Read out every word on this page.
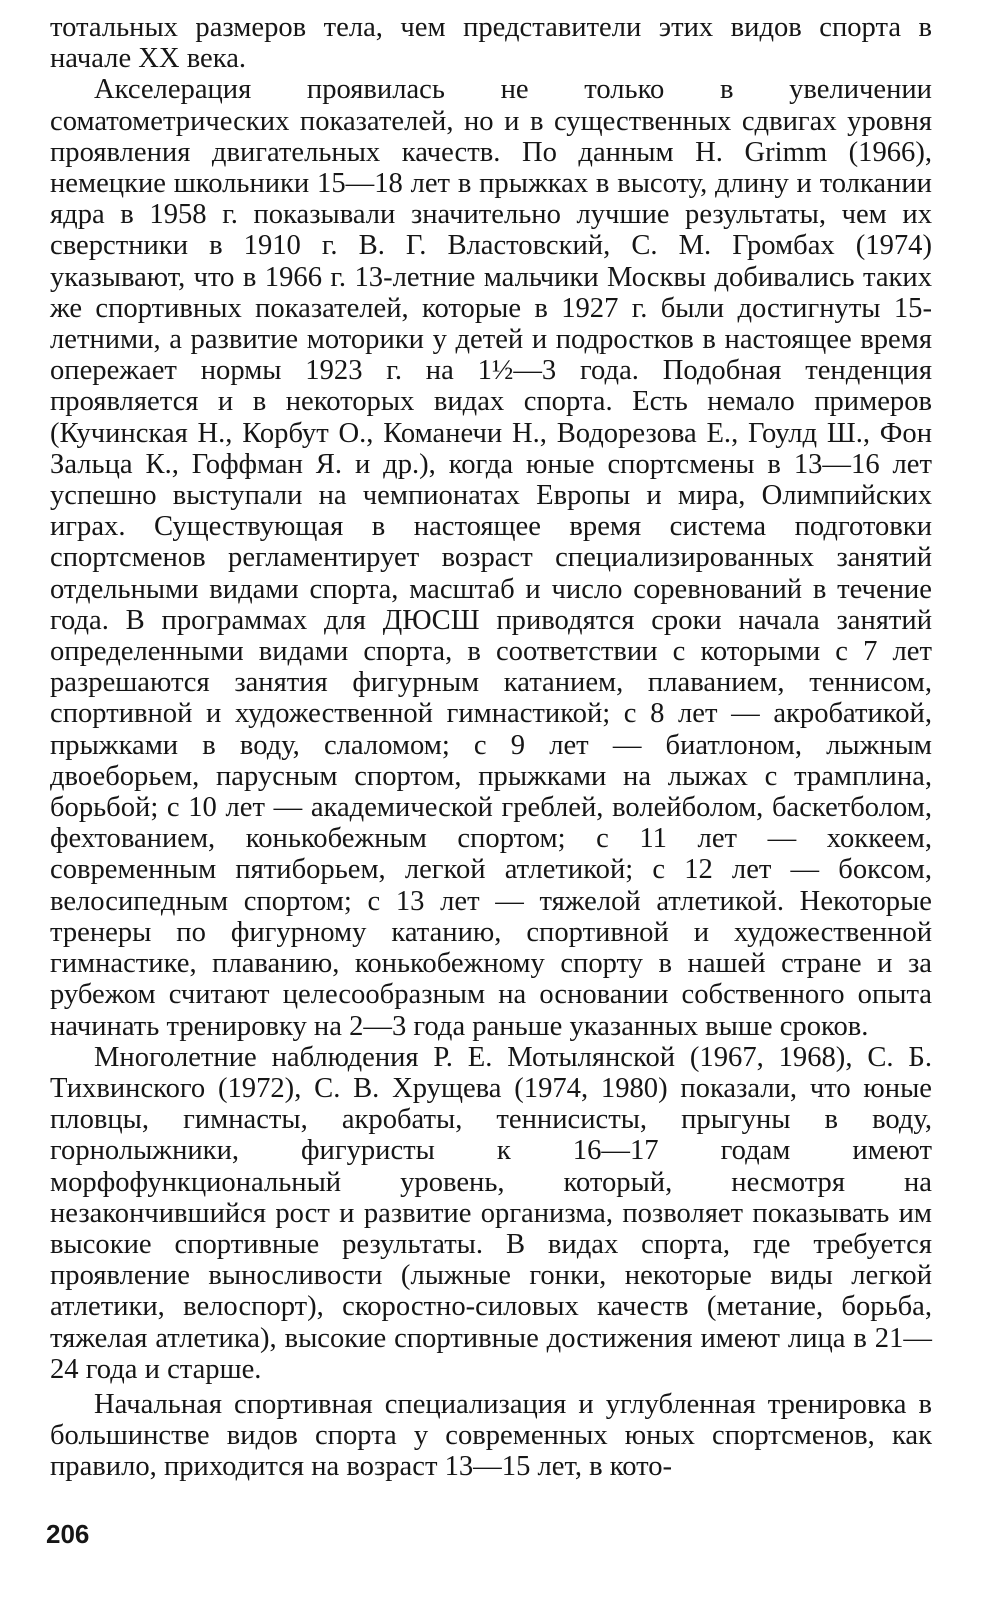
тотальных размеров тела, чем представители этих видов спорта в начале XX века.

Акселерация проявилась не только в увеличении соматометрических показателей, но и в существенных сдвигах уровня проявления двигательных качеств. По данным H. Grimm (1966), немецкие школьники 15—18 лет в прыжках в высоту, длину и толкании ядра в 1958 г. показывали значительно лучшие результаты, чем их сверстники в 1910 г. В. Г. Властовский, С. М. Громбах (1974) указывают, что в 1966 г. 13-летние мальчики Москвы добивались таких же спортивных показателей, которые в 1927 г. были достигнуты 15-летними, а развитие моторики у детей и подростков в настоящее время опережает нормы 1923 г. на 1½—3 года. Подобная тенденция проявляется и в некоторых видах спорта. Есть немало примеров (Кучинская Н., Корбут О., Команечи Н., Водорезова Е., Гоулд Ш., Фон Зальца К., Гоффман Я. и др.), когда юные спортсмены в 13—16 лет успешно выступали на чемпионатах Европы и мира, Олимпийских играх. Существующая в настоящее время система подготовки спортсменов регламентирует возраст специализированных занятий отдельными видами спорта, масштаб и число соревнований в течение года. В программах для ДЮСШ приводятся сроки начала занятий определенными видами спорта, в соответствии с которыми с 7 лет разрешаются занятия фигурным катанием, плаванием, теннисом, спортивной и художественной гимнастикой; с 8 лет — акробатикой, прыжками в воду, слаломом; с 9 лет — биатлоном, лыжным двоеборьем, парусным спортом, прыжками на лыжах с трамплина, борьбой; с 10 лет — академической греблей, волейболом, баскетболом, фехтованием, конькобежным спортом; с 11 лет — хоккеем, современным пятиборьем, легкой атлетикой; с 12 лет — боксом, велосипедным спортом; с 13 лет — тяжелой атлетикой. Некоторые тренеры по фигурному катанию, спортивной и художественной гимнастике, плаванию, конькобежному спорту в нашей стране и за рубежом считают целесообразным на основании собственного опыта начинать тренировку на 2—3 года раньше указанных выше сроков.

Многолетние наблюдения Р. Е. Мотылянской (1967, 1968), С. Б. Тихвинского (1972), С. В. Хрущева (1974, 1980) показали, что юные пловцы, гимнасты, акробаты, теннисисты, прыгуны в воду, горнолыжники, фигуристы к 16—17 годам имеют морфофункциональный уровень, который, несмотря на незакончившийся рост и развитие организма, позволяет показывать им высокие спортивные результаты. В видах спорта, где требуется проявление выносливости (лыжные гонки, некоторые виды легкой атлетики, велоспорт), скоростно-силовых качеств (метание, борьба, тяжелая атлетика), высокие спортивные достижения имеют лица в 21—24 года и старше.

Начальная спортивная специализация и углубленная тренировка в большинстве видов спорта у современных юных спортсменов, как правило, приходится на возраст 13—15 лет, в кото-

206
